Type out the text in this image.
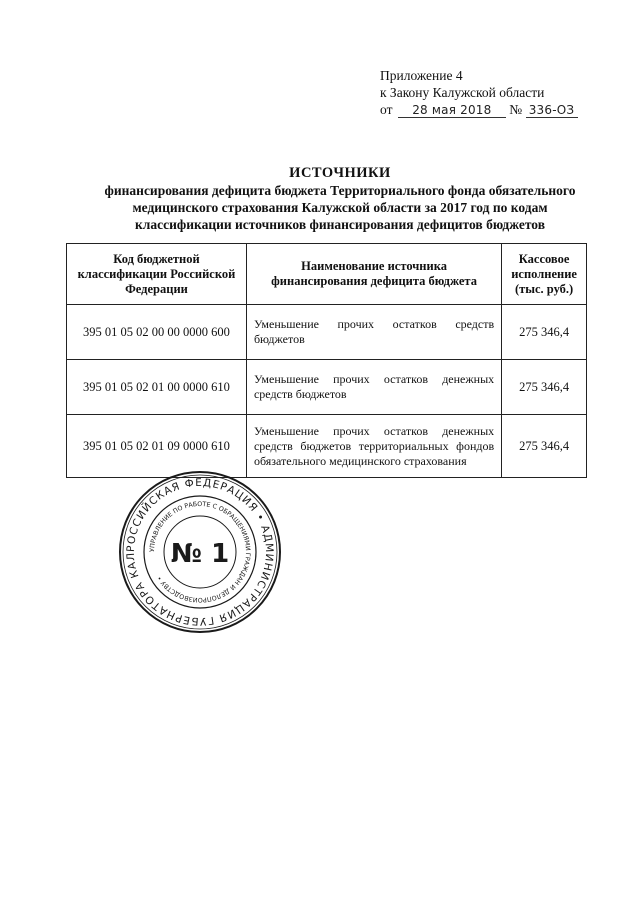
Приложение 4
к Закону Калужской области
от 28 мая 2018 № 336-ОЗ
ИСТОЧНИКИ
финансирования дефицита бюджета Территориального фонда обязательного
медицинского страхования Калужской области за 2017 год по кодам
классификации источников финансирования дефицитов бюджетов
Код бюджетной классификации Российской Федерации	Наименование источника финансирования дефицита бюджета	Кассовое исполнение (тыс. руб.)
395 01 05 02 00 00 0000 600	Уменьшение прочих остатков средств бюджетов	275 346,4
395 01 05 02 01 00 0000 610	Уменьшение прочих остатков денежных средств бюджетов	275 346,4
395 01 05 02 01 09 0000 610	Уменьшение прочих остатков денежных средств бюджетов территориальных фондов обязательного медицинского страхования	275 346,4
РОССИЙСКАЯ ФЕДЕРАЦИЯ • АДМИНИСТРАЦИЯ ГУБЕРНАТОРА КАЛ
УПРАВЛЕНИЕ ПО РАБОТЕ С ОБРАЩЕНИЯМИ ГРАЖДАН И ДЕЛОПРОИЗВОДСТВУ •
№ 1
